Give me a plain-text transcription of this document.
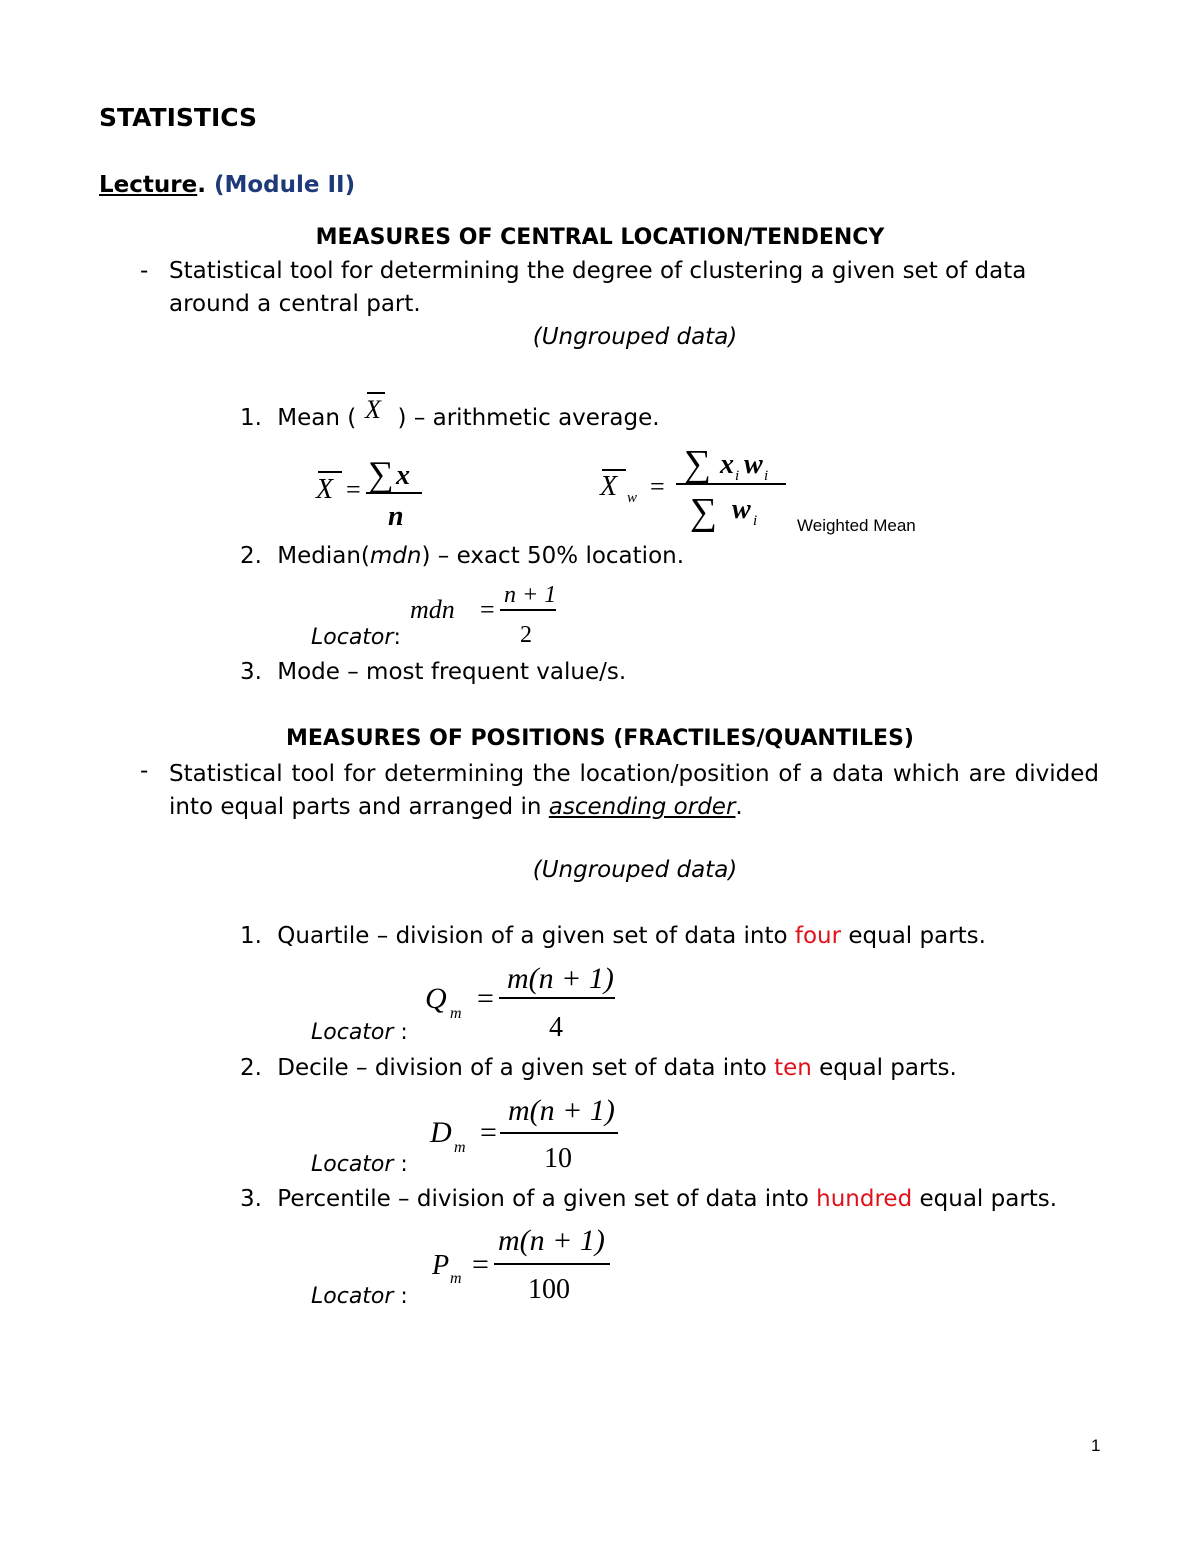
STATISTICS
Lecture. (Module II)
MEASURES OF CENTRAL LOCATION/TENDENCY
- Statistical tool for determining the degree of clustering a given set of data
around a central part.
(Ungrouped data)
1. Mean ( ) – arithmetic average.
X
X = ∑ x
n
X w =
∑ x i w i
∑ w i Weighted Mean
2. Median(mdn) – exact 50% location.
mdn = n + 1
2
Locator:
3. Mode – most frequent value/s.
MEASURES OF POSITIONS (FRACTILES/QUANTILES)
- Statistical tool for determining the location/position of a data which are divided into equal parts and arranged in ascending order.
(Ungrouped data)
1. Quartile – division of a given set of data into four equal parts.
Q m =
m(n + 1)
4
Locator :
2. Decile – division of a given set of data into ten equal parts.
D m =
m(n + 1)
10
Locator :
3. Percentile – division of a given set of data into hundred equal parts.
P m =
m(n + 1)
100
Locator :
1
